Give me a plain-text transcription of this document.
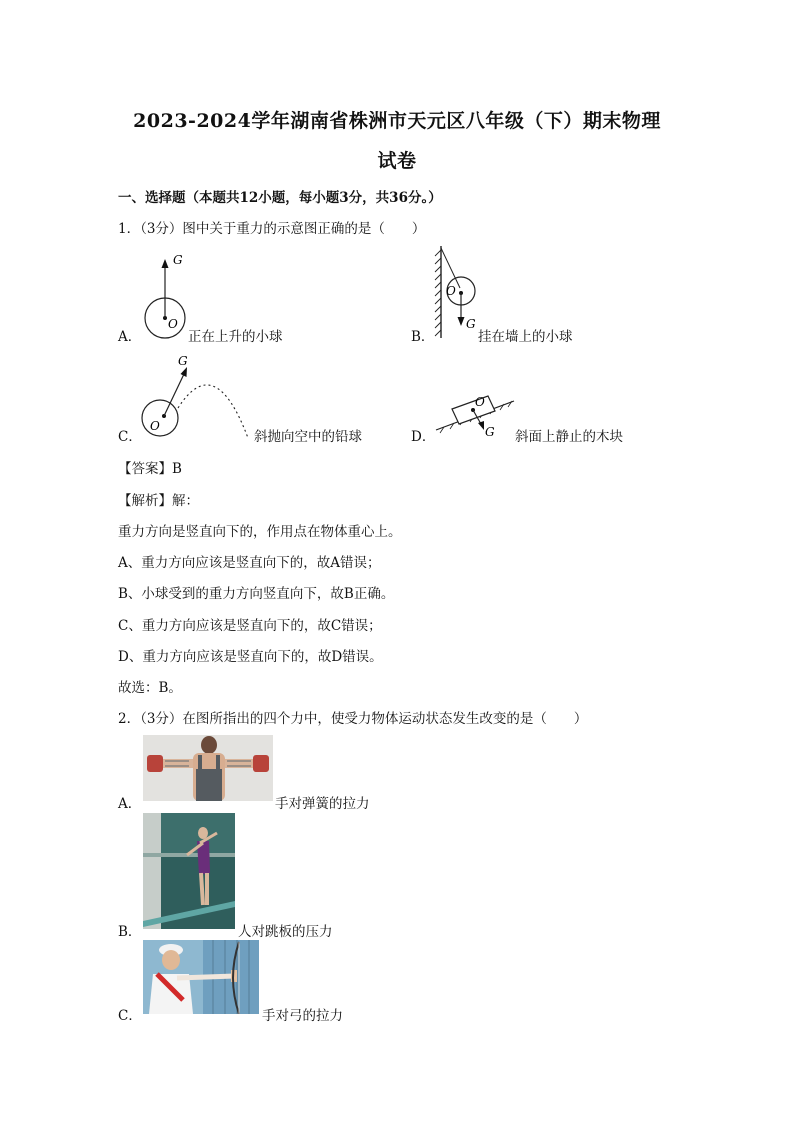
2023-2024学年湖南省株洲市天元区八年级（下）期末物理
试卷
一、选择题（本题共12小题，每小题3分，共36分。）
1．（3分）图中关于重力的示意图正确的是（　　）
A．
G
O
正在上升的小球	B．
O
G
挂在墙上的小球
C．
G
O
斜抛向空中的铅球	D．
O
G 斜面上静止的木块
【答案】B
【解析】解：
重力方向是竖直向下的，作用点在物体重心上。
A、重力方向应该是竖直向下的，故A错误；
B、小球受到的重力方向竖直向下，故B正确。
C、重力方向应该是竖直向下的，故C错误；
D、重力方向应该是竖直向下的，故D错误。
故选：B。
2．（3分）在图所指出的四个力中，使受力物体运动状态发生改变的是（　　）
A．	手对弹簧的拉力
B．	人对跳板的压力
C．	手对弓的拉力
